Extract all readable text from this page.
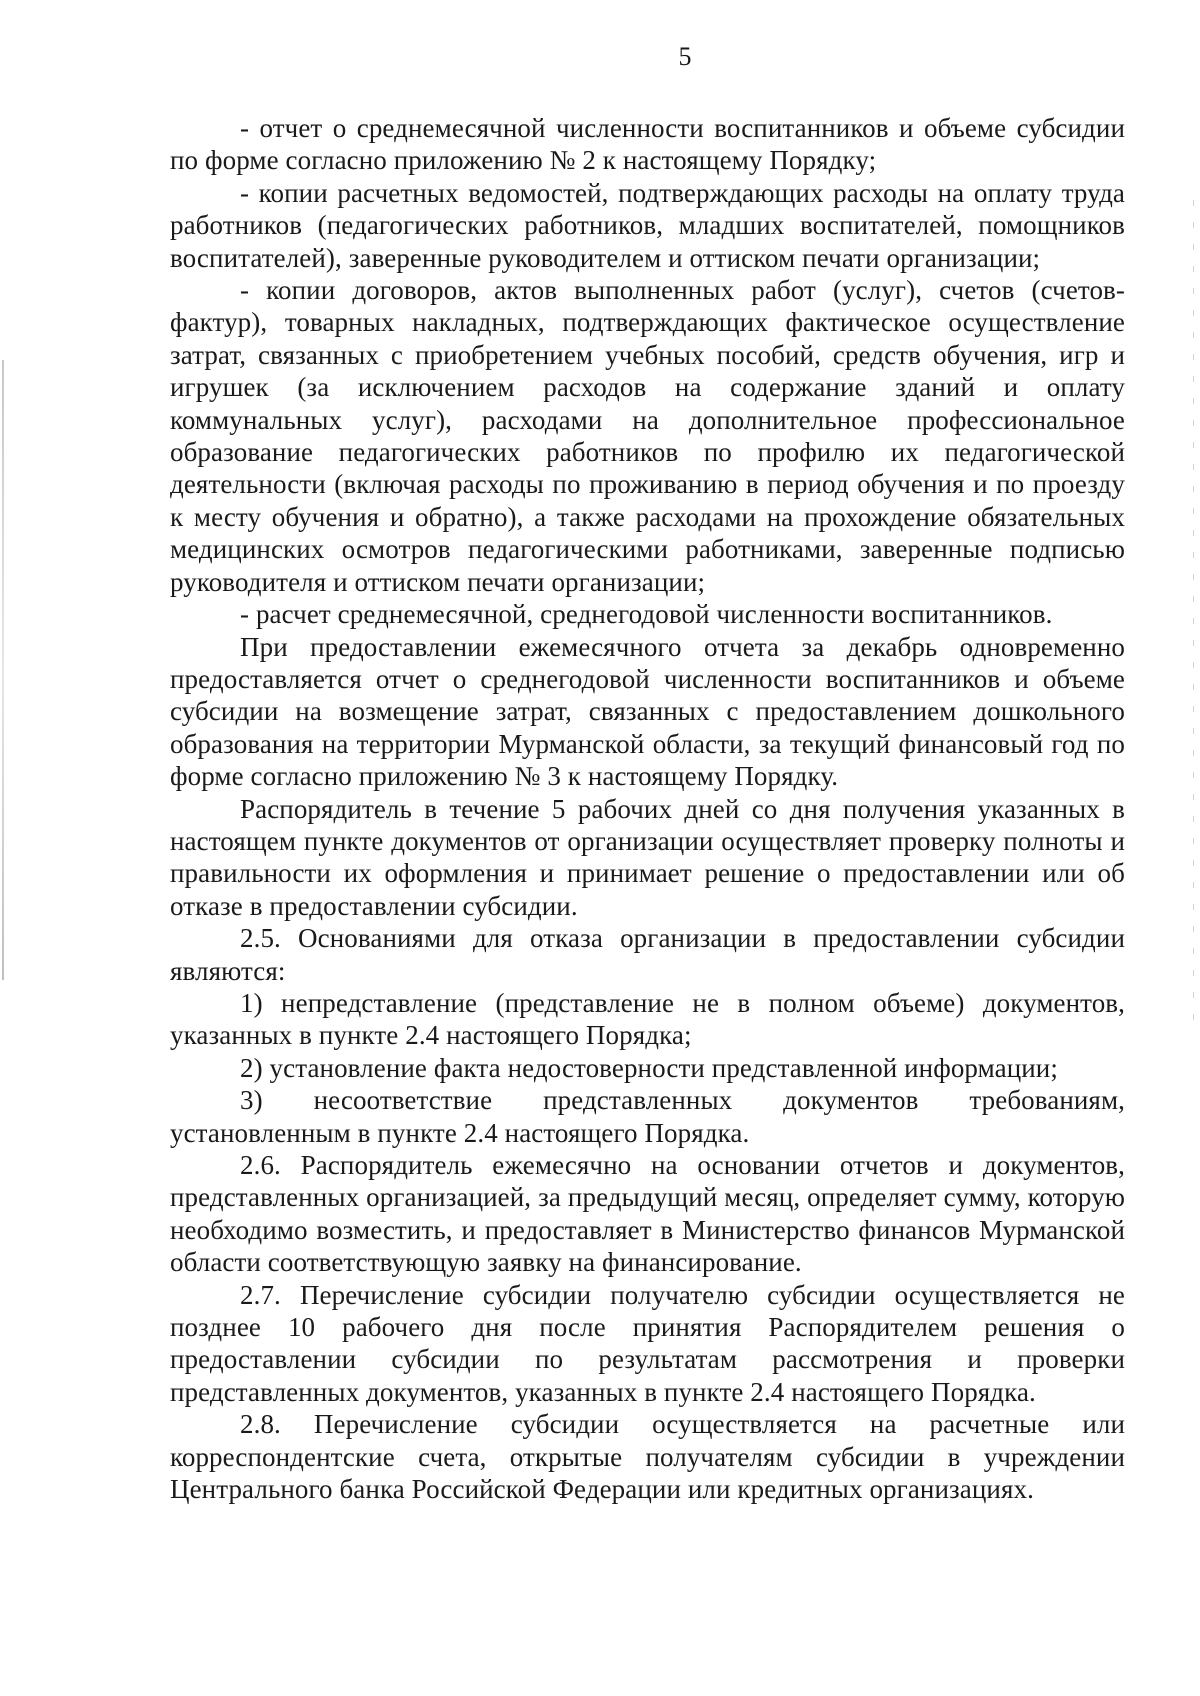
5

- отчет о среднемесячной численности воспитанников и объеме субсидии по форме согласно приложению № 2 к настоящему Порядку;

- копии расчетных ведомостей, подтверждающих расходы на оплату труда работников (педагогических работников, младших воспитателей, помощников воспитателей), заверенные руководителем и оттиском печати организации;

- копии договоров, актов выполненных работ (услуг), счетов (счетов-фактур), товарных накладных, подтверждающих фактическое осуществление затрат, связанных с приобретением учебных пособий, средств обучения, игр и игрушек (за исключением расходов на содержание зданий и оплату коммунальных услуг), расходами на дополнительное профессиональное образование педагогических работников по профилю их педагогической деятельности (включая расходы по проживанию в период обучения и по проезду к месту обучения и обратно), а также расходами на прохождение обязательных медицинских осмотров педагогическими работниками, заверенные подписью руководителя и оттиском печати организации;

- расчет среднемесячной, среднегодовой численности воспитанников.

При предоставлении ежемесячного отчета за декабрь одновременно предоставляется отчет о среднегодовой численности воспитанников и объеме субсидии на возмещение затрат, связанных с предоставлением дошкольного образования на территории Мурманской области, за текущий финансовый год по форме согласно приложению № 3 к настоящему Порядку.

Распорядитель в течение 5 рабочих дней со дня получения указанных в настоящем пункте документов от организации осуществляет проверку полноты и правильности их оформления и принимает решение о предоставлении или об отказе в предоставлении субсидии.

2.5. Основаниями для отказа организации в предоставлении субсидии являются:

1) непредставление (представление не в полном объеме) документов, указанных в пункте 2.4 настоящего Порядка;

2) установление факта недостоверности представленной информации;

3) несоответствие представленных документов требованиям, установленным в пункте 2.4 настоящего Порядка.

2.6. Распорядитель ежемесячно на основании отчетов и документов, представленных организацией, за предыдущий месяц, определяет сумму, которую необходимо возместить, и предоставляет в Министерство финансов Мурманской области соответствующую заявку на финансирование.

2.7. Перечисление субсидии получателю субсидии осуществляется не позднее 10 рабочего дня после принятия Распорядителем решения о предоставлении субсидии по результатам рассмотрения и проверки представленных документов, указанных в пункте 2.4 настоящего Порядка.

2.8. Перечисление субсидии осуществляется на расчетные или корреспондентские счета, открытые получателям субсидии в учреждении Центрального банка Российской Федерации или кредитных организациях.
